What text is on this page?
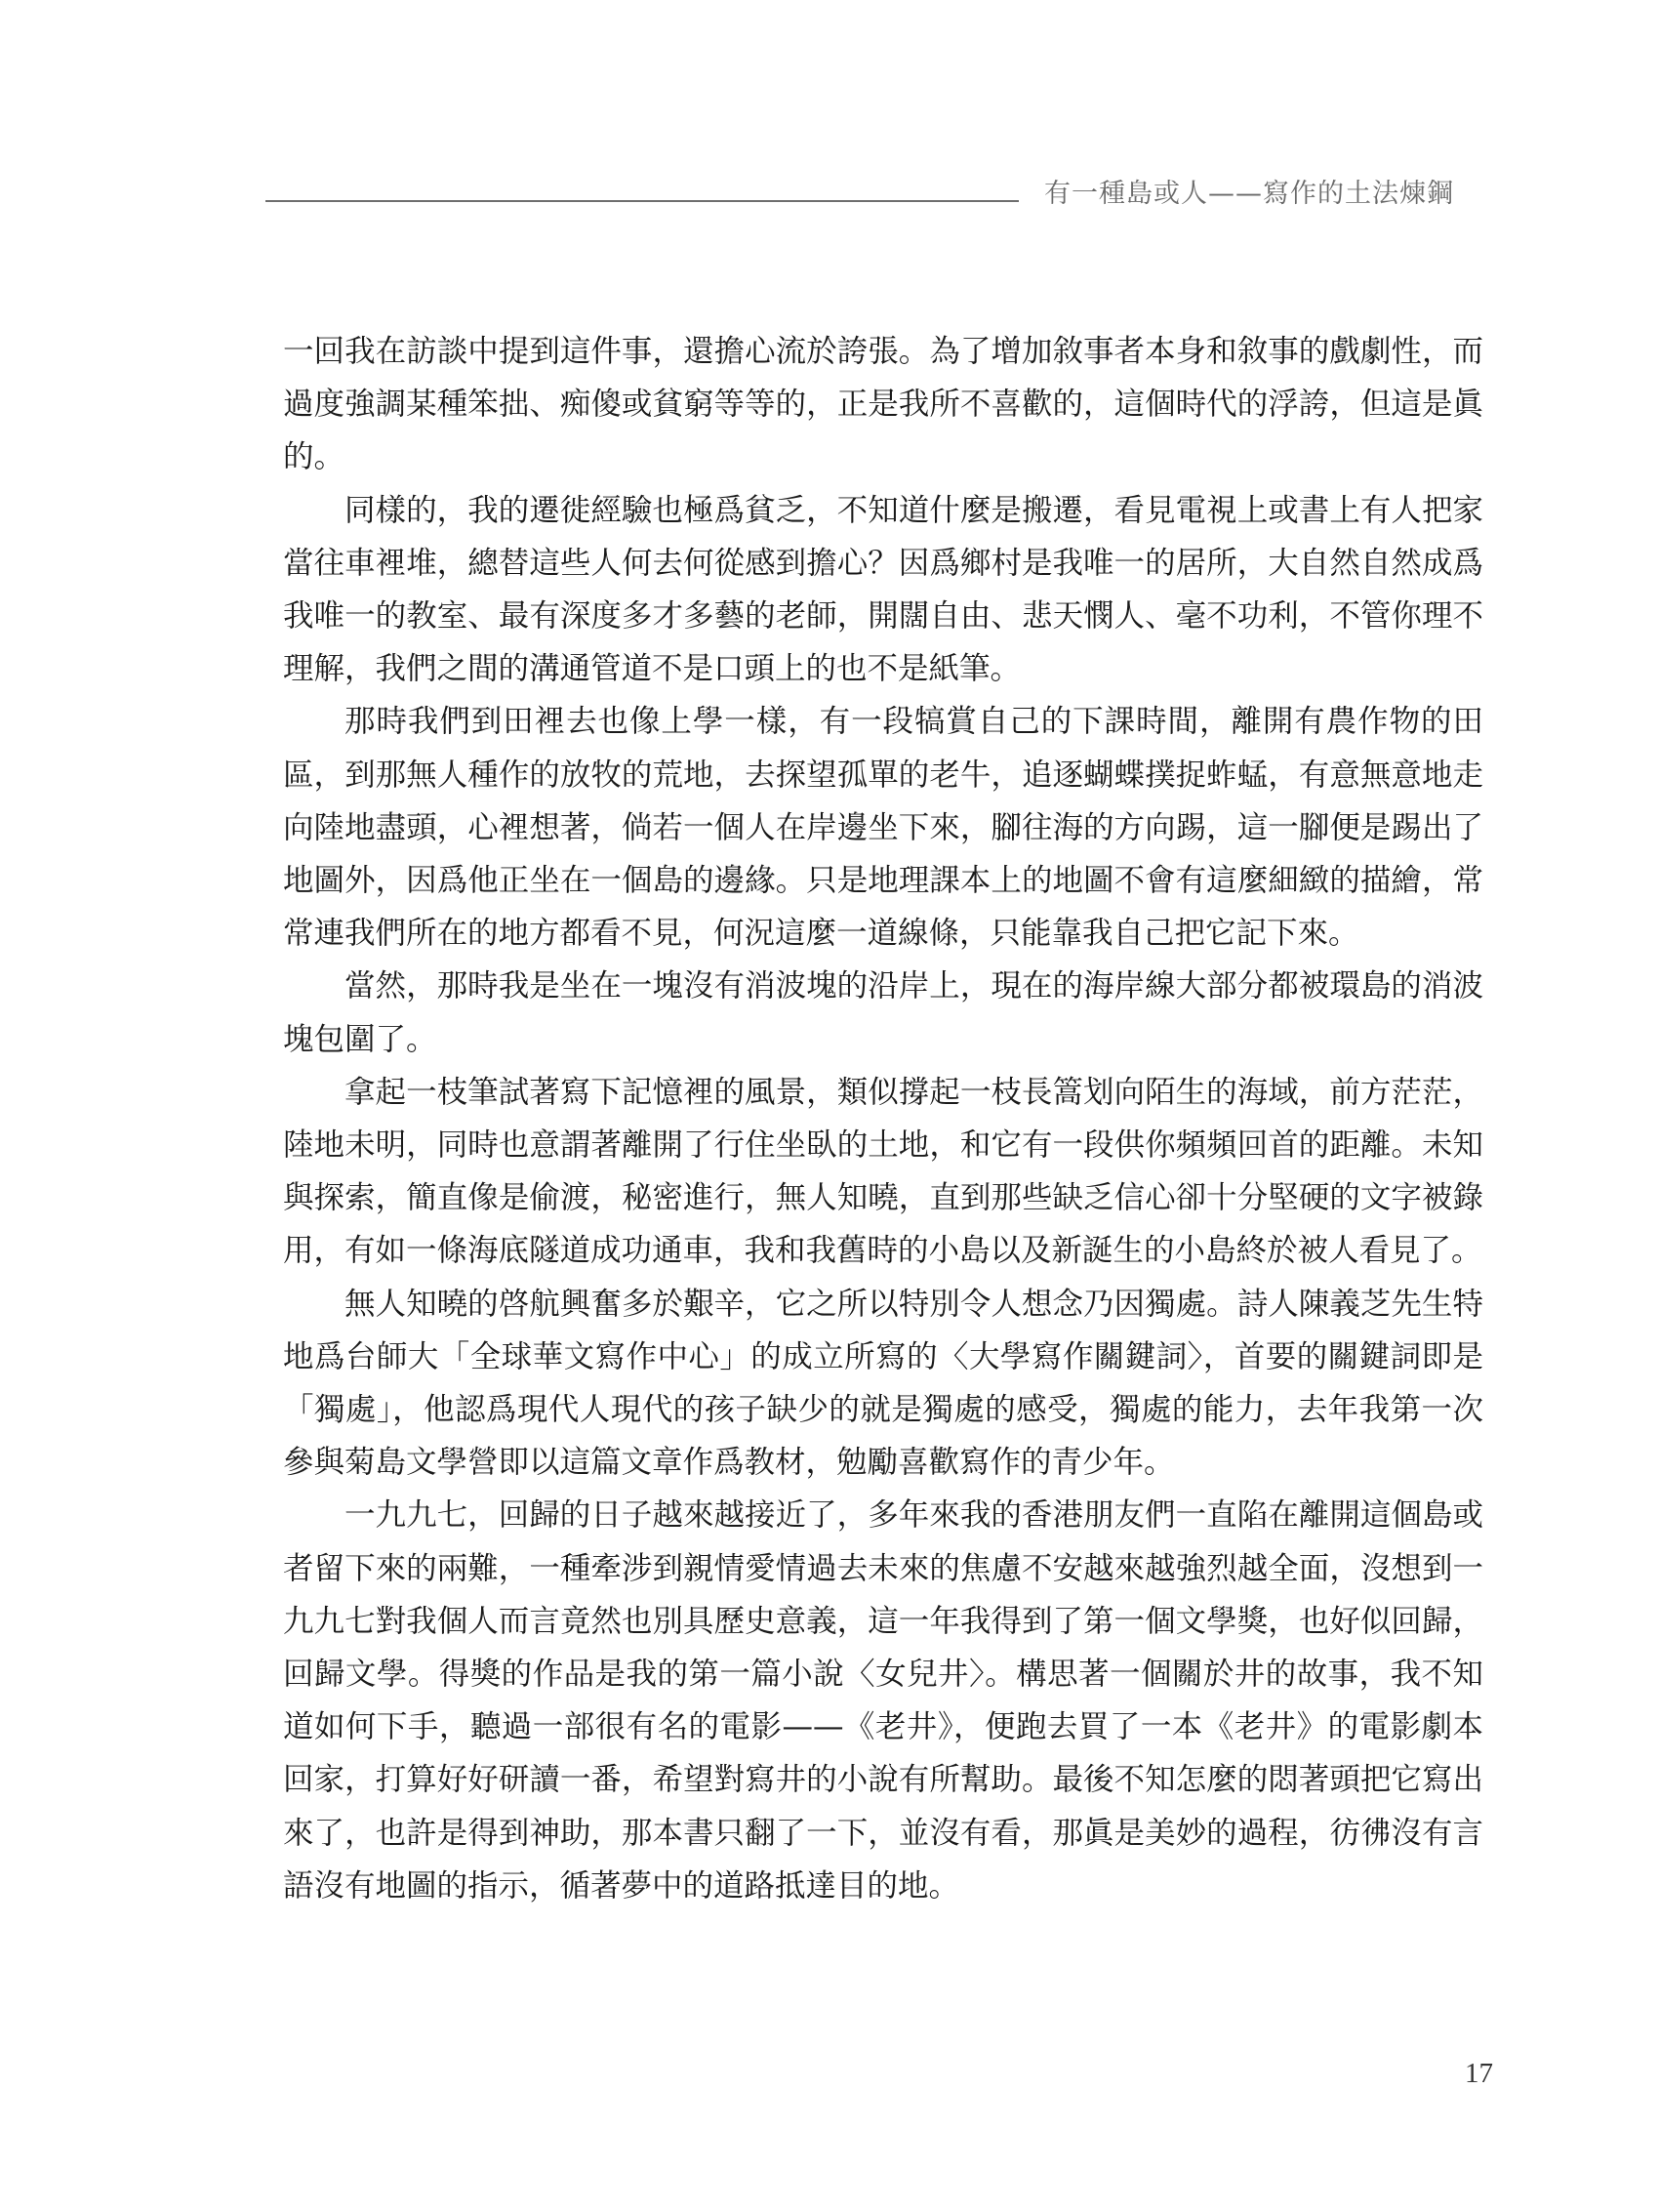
有一種島或人——寫作的土法煉鋼

一回我在訪談中提到這件事，還擔心流於誇張。為了增加敘事者本身和敘事的戲劇性，而過度強調某種笨拙、痴傻或貧窮等等的，正是我所不喜歡的，這個時代的浮誇，但這是眞的。

同樣的，我的遷徙經驗也極爲貧乏，不知道什麼是搬遷，看見電視上或書上有人把家當往車裡堆，總替這些人何去何從感到擔心？因爲鄉村是我唯一的居所，大自然自然成爲我唯一的教室、最有深度多才多藝的老師，開闊自由、悲天憫人、毫不功利，不管你理不理解，我們之間的溝通管道不是口頭上的也不是紙筆。

那時我們到田裡去也像上學一樣，有一段犒賞自己的下課時間，離開有農作物的田區，到那無人種作的放牧的荒地，去探望孤單的老牛，追逐蝴蝶撲捉蚱蜢，有意無意地走向陸地盡頭，心裡想著，倘若一個人在岸邊坐下來，腳往海的方向踢，這一腳便是踢出了地圖外，因爲他正坐在一個島的邊緣。只是地理課本上的地圖不會有這麼細緻的描繪，常常連我們所在的地方都看不見，何況這麼一道線條，只能靠我自己把它記下來。

當然，那時我是坐在一塊沒有消波塊的沿岸上，現在的海岸線大部分都被環島的消波塊包圍了。

拿起一枝筆試著寫下記憶裡的風景，類似撐起一枝長篙划向陌生的海域，前方茫茫，陸地未明，同時也意謂著離開了行住坐臥的土地，和它有一段供你頻頻回首的距離。未知與探索，簡直像是偷渡，秘密進行，無人知曉，直到那些缺乏信心卻十分堅硬的文字被錄用，有如一條海底隧道成功通車，我和我舊時的小島以及新誕生的小島終於被人看見了。

無人知曉的啓航興奮多於艱辛，它之所以特別令人想念乃因獨處。詩人陳義芝先生特地爲台師大「全球華文寫作中心」的成立所寫的〈大學寫作關鍵詞〉，首要的關鍵詞即是「獨處」，他認爲現代人現代的孩子缺少的就是獨處的感受，獨處的能力，去年我第一次參與菊島文學營即以這篇文章作爲教材，勉勵喜歡寫作的青少年。

一九九七，回歸的日子越來越接近了，多年來我的香港朋友們一直陷在離開這個島或者留下來的兩難，一種牽涉到親情愛情過去未來的焦慮不安越來越強烈越全面，沒想到一九九七對我個人而言竟然也別具歷史意義，這一年我得到了第一個文學獎，也好似回歸，回歸文學。得獎的作品是我的第一篇小說〈女兒井〉。構思著一個關於井的故事，我不知道如何下手，聽過一部很有名的電影——《老井》，便跑去買了一本《老井》的電影劇本回家，打算好好研讀一番，希望對寫井的小說有所幫助。最後不知怎麼的悶著頭把它寫出來了，也許是得到神助，那本書只翻了一下，並沒有看，那眞是美妙的過程，彷彿沒有言語沒有地圖的指示，循著夢中的道路抵達目的地。

17
